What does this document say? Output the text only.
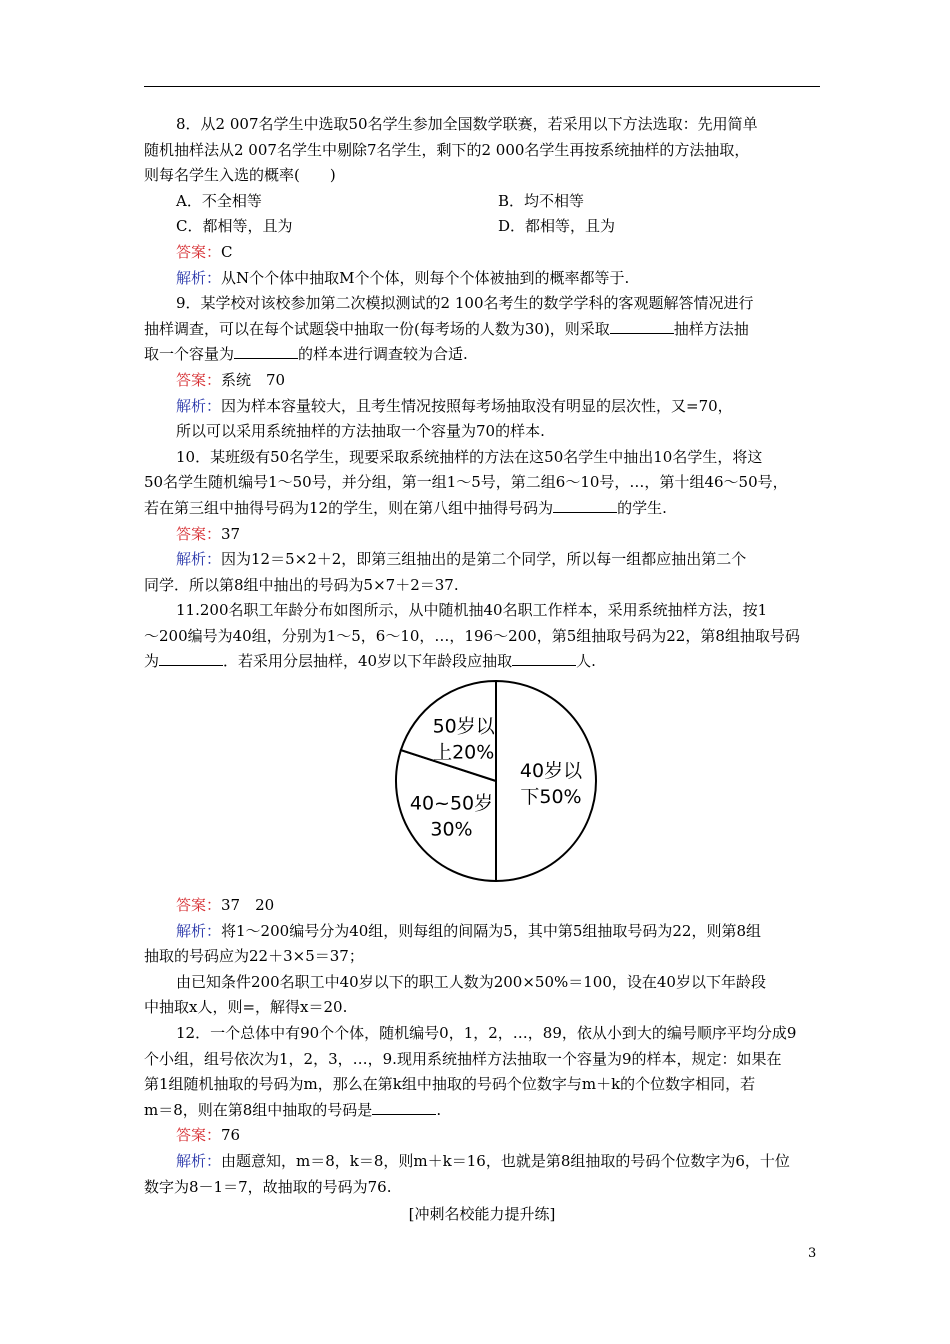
8．从2 007名学生中选取50名学生参加全国数学联赛，若采用以下方法选取：先用简单

随机抽样法从2 007名学生中剔除7名学生，剩下的2 000名学生再按系统抽样的方法抽取，

则每名学生入选的概率(　　)

A．不全相等	B．均不相等
C．都相等，且为	D．都相等，且为

答案：C

解析：从N个个体中抽取M个个体，则每个个体被抽到的概率都等于.

9．某学校对该校参加第二次模拟测试的2 100名考生的数学学科的客观题解答情况进行

抽样调查，可以在每个试题袋中抽取一份(每考场的人数为30)，则采取	抽样方法抽

取一个容量为	的样本进行调查较为合适.

答案：系统　70

解析：因为样本容量较大，且考生情况按照每考场抽取没有明显的层次性，又=70，

所以可以采用系统抽样的方法抽取一个容量为70的样本.

10．某班级有50名学生，现要采取系统抽样的方法在这50名学生中抽出10名学生，将这

50名学生随机编号1～50号，并分组，第一组1～5号，第二组6～10号，…，第十组46～50号，

若在第三组中抽得号码为12的学生，则在第八组中抽得号码为	的学生.

答案：37

解析：因为12＝5×2＋2，即第三组抽出的是第二个同学，所以每一组都应抽出第二个

同学．所以第8组中抽出的号码为5×7＋2＝37.

11.200名职工年龄分布如图所示，从中随机抽40名职工作样本，采用系统抽样方法，按1

～200编号为40组，分别为1～5，6～10，…，196～200，第5组抽取号码为22，第8组抽取号码

为	．若采用分层抽样，40岁以下年龄段应抽取	人.

40岁以
下50%
40~50岁
30%
50岁以
上20%

答案：37　20

解析：将1～200编号分为40组，则每组的间隔为5，其中第5组抽取号码为22，则第8组

抽取的号码应为22＋3×5＝37；

由已知条件200名职工中40岁以下的职工人数为200×50%＝100，设在40岁以下年龄段

中抽取x人，则=，解得x＝20.

12．一个总体中有90个个体，随机编号0，1，2，…，89，依从小到大的编号顺序平均分成9

个小组，组号依次为1，2，3，…，9.现用系统抽样方法抽取一个容量为9的样本，规定：如果在

第1组随机抽取的号码为m，那么在第k组中抽取的号码个位数字与m＋k的个位数字相同，若

m＝8，则在第8组中抽取的号码是	.

答案：76

解析：由题意知，m＝8，k＝8，则m＋k＝16，也就是第8组抽取的号码个位数字为6，十位

数字为8－1＝7，故抽取的号码为76.

[冲刺名校能力提升练]

3
